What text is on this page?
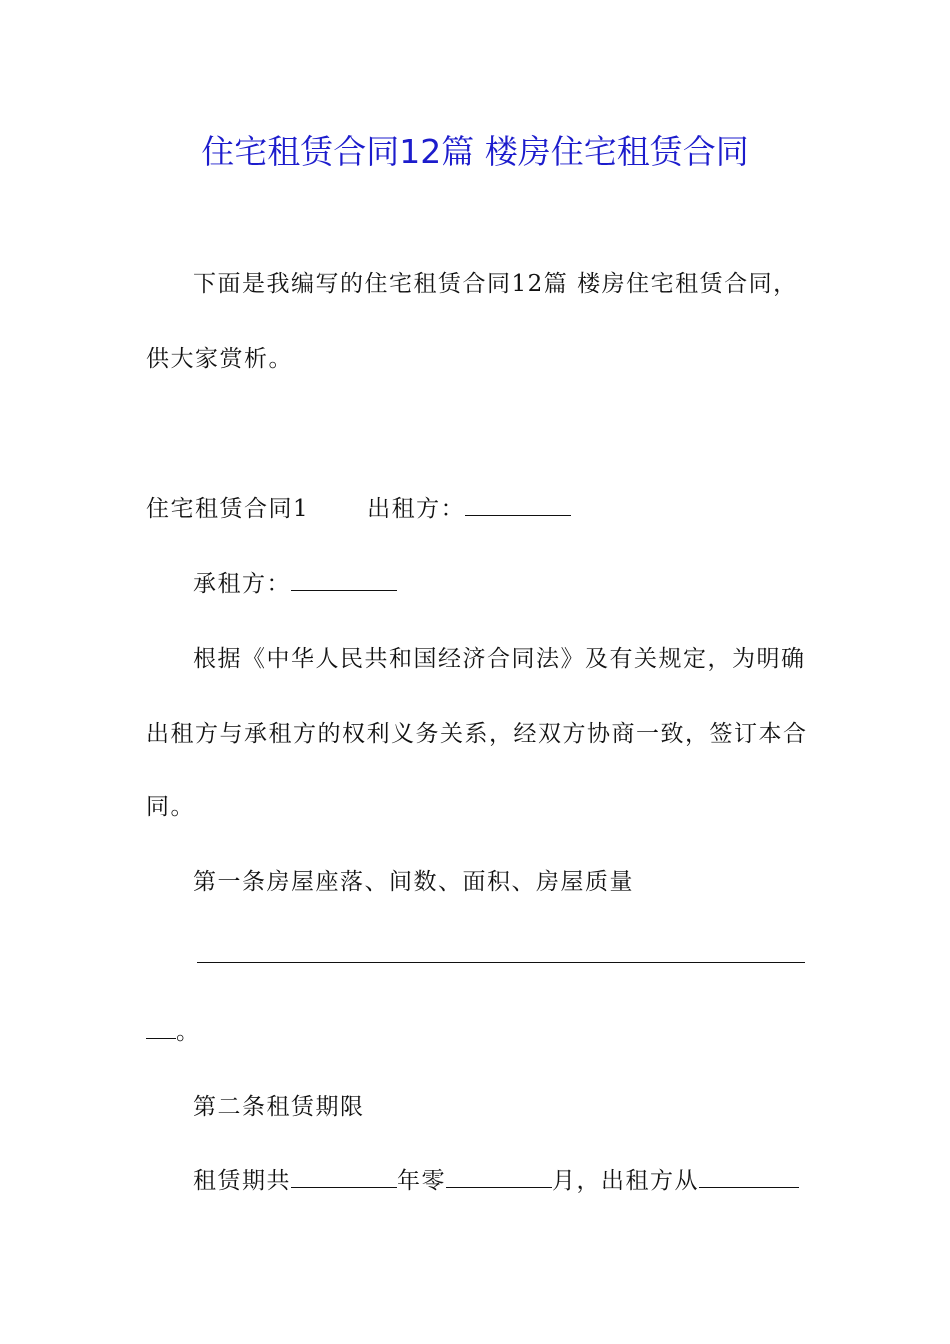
住宅租赁合同12篇 楼房住宅租赁合同
下面是我编写的住宅租赁合同12篇 楼房住宅租赁合同，
供大家赏析。
住宅租赁合同1	出租方：
承租方：
根据《中华人民共和国经济合同法》及有关规定，为明确
出租方与承租方的权利义务关系，经双方协商一致，签订本合
同。
第一条房屋座落、间数、面积、房屋质量
。
第二条租赁期限
租赁期共	年零	月，出租方从
